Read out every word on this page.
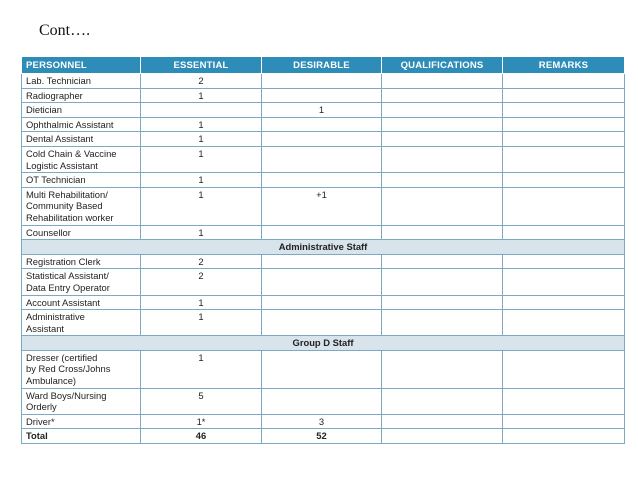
Cont….
PERSONNEL	ESSENTIAL	DESIRABLE	QUALIFICATIONS	REMARKS
Lab. Technician	2			
Radiographer	1			
Dietician		1		
Ophthalmic Assistant	1			
Dental Assistant	1			
Cold Chain & Vaccine
Logistic Assistant	1			
OT Technician	1			
Multi Rehabilitation/
Community Based
Rehabilitation worker	1	+1		
Counsellor	1			
Administrative Staff				
Registration Clerk	2			
Statistical Assistant/
Data Entry Operator	2			
Account Assistant	1			
Administrative
Assistant	1			
Group D Staff				
Dresser (certified
by Red Cross/Johns
Ambulance)	1			
Ward Boys/Nursing
Orderly	5			
Driver*	1*	3		
Total	46	52		
